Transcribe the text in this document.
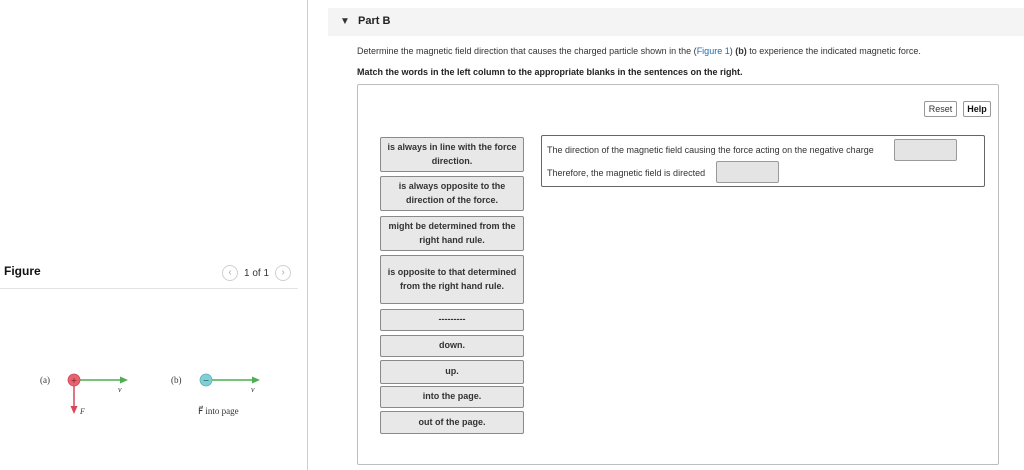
Figure	‹	1 of 1	›
(a)	+
v⃗
F⃗
(b)	−
v⃗
F⃗ into page
▼ Part B
Determine the magnetic field direction that causes the charged particle shown in the (Figure 1) (b) to experience the indicated magnetic force.
Match the words in the left column to the appropriate blanks in the sentences on the right.
Reset	Help
is always in line with the force direction.
is always opposite to the direction of the force.
might be determined from the right hand rule.
is opposite to that determined from the right hand rule.
---------
down.
up.
into the page.
out of the page.
The direction of the magnetic field causing the force acting on the negative charge
Therefore, the magnetic field is directed
